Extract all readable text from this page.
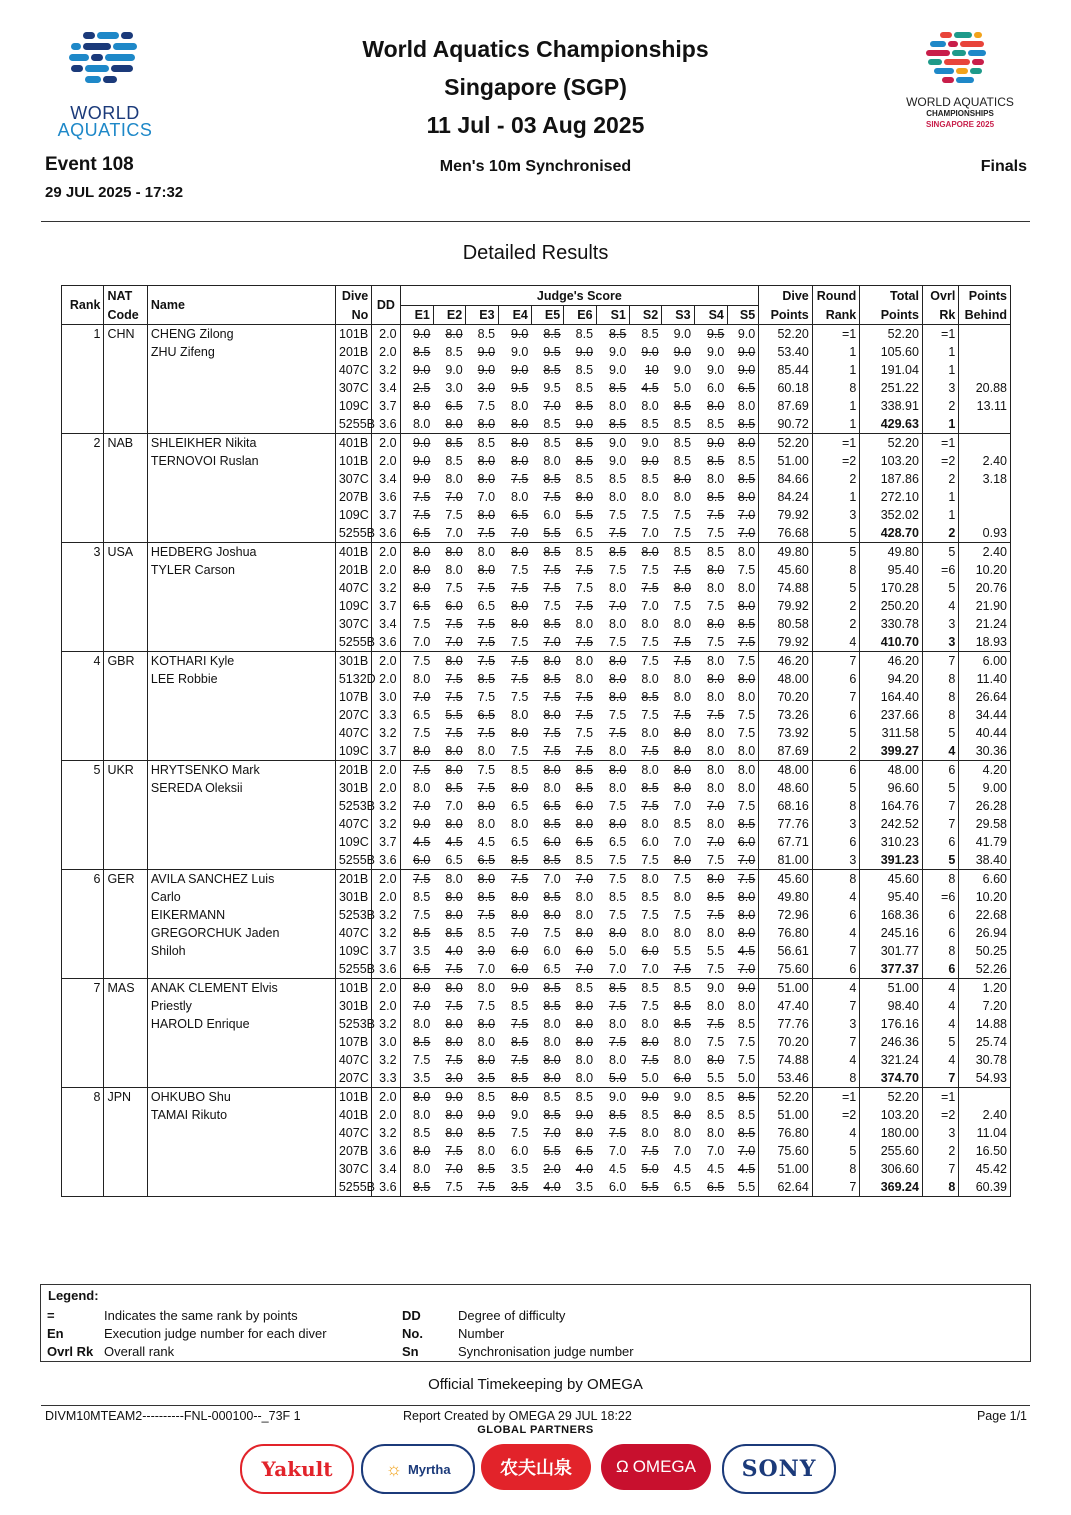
WORLD
AQUATICS
World Aquatics Championships
Singapore (SGP)
11 Jul - 03 Aug 2025
WORLD AQUATICS
CHAMPIONSHIPS
SINGAPORE 2025
Event 108
29 JUL 2025 - 17:32
Men's 10m Synchronised	Finals
Detailed Results
Rank	NAT	Name	Dive	DD	Judge's Score											Dive	Round	Total	Ovrl	Points
	Code		No		E1	E2	E3	E4	E5	E6	S1	S2	S3	S4	S5	Points	Rank	Points	Rk	Behind
1	CHN	CHENG Zilong	101B	2.0	9.0	8.0	8.5	9.0	8.5	8.5	8.5	8.5	9.0	9.5	9.0	52.20	=1	52.20	=1	
		ZHU Zifeng	201B	2.0	8.5	8.5	9.0	9.0	9.5	9.0	9.0	9.0	9.0	9.0	9.0	53.40	1	105.60	1	
			407C	3.2	9.0	9.0	9.0	9.0	8.5	8.5	9.0	10	9.0	9.0	9.0	85.44	1	191.04	1	
			307C	3.4	2.5	3.0	3.0	9.5	9.5	8.5	8.5	4.5	5.0	6.0	6.5	60.18	8	251.22	3	20.88
			109C	3.7	8.0	6.5	7.5	8.0	7.0	8.5	8.0	8.0	8.5	8.0	8.0	87.69	1	338.91	2	13.11
			5255B	3.6	8.0	8.0	8.0	8.0	8.5	9.0	8.5	8.5	8.5	8.5	8.5	90.72	1	429.63	1	
2	NAB	SHLEIKHER Nikita	401B	2.0	9.0	8.5	8.5	8.0	8.5	8.5	9.0	9.0	8.5	9.0	8.0	52.20	=1	52.20	=1	
		TERNOVOI Ruslan	101B	2.0	9.0	8.5	8.0	8.0	8.0	8.5	9.0	9.0	8.5	8.5	8.5	51.00	=2	103.20	=2	2.40
			307C	3.4	9.0	8.0	8.0	7.5	8.5	8.5	8.5	8.5	8.0	8.0	8.5	84.66	2	187.86	2	3.18
			207B	3.6	7.5	7.0	7.0	8.0	7.5	8.0	8.0	8.0	8.0	8.5	8.0	84.24	1	272.10	1	
			109C	3.7	7.5	7.5	8.0	6.5	6.0	5.5	7.5	7.5	7.5	7.5	7.0	79.92	3	352.02	1	
			5255B	3.6	6.5	7.0	7.5	7.0	5.5	6.5	7.5	7.0	7.5	7.5	7.0	76.68	5	428.70	2	0.93
3	USA	HEDBERG Joshua	401B	2.0	8.0	8.0	8.0	8.0	8.5	8.5	8.5	8.0	8.5	8.5	8.0	49.80	5	49.80	5	2.40
		TYLER Carson	201B	2.0	8.0	8.0	8.0	7.5	7.5	7.5	7.5	7.5	7.5	8.0	7.5	45.60	8	95.40	=6	10.20
			407C	3.2	8.0	7.5	7.5	7.5	7.5	7.5	8.0	7.5	8.0	8.0	8.0	74.88	5	170.28	5	20.76
			109C	3.7	6.5	6.0	6.5	8.0	7.5	7.5	7.0	7.0	7.5	7.5	8.0	79.92	2	250.20	4	21.90
			307C	3.4	7.5	7.5	7.5	8.0	8.5	8.0	8.0	8.0	8.0	8.0	8.5	80.58	2	330.78	3	21.24
			5255B	3.6	7.0	7.0	7.5	7.5	7.0	7.5	7.5	7.5	7.5	7.5	7.5	79.92	4	410.70	3	18.93
4	GBR	KOTHARI Kyle	301B	2.0	7.5	8.0	7.5	7.5	8.0	8.0	8.0	7.5	7.5	8.0	7.5	46.20	7	46.20	7	6.00
		LEE Robbie	5132D	2.0	8.0	7.5	8.5	7.5	8.5	8.0	8.0	8.0	8.0	8.0	8.0	48.00	6	94.20	8	11.40
			107B	3.0	7.0	7.5	7.5	7.5	7.5	7.5	8.0	8.5	8.0	8.0	8.0	70.20	7	164.40	8	26.64
			207C	3.3	6.5	5.5	6.5	8.0	8.0	7.5	7.5	7.5	7.5	7.5	7.5	73.26	6	237.66	8	34.44
			407C	3.2	7.5	7.5	7.5	8.0	7.5	7.5	7.5	8.0	8.0	8.0	7.5	73.92	5	311.58	5	40.44
			109C	3.7	8.0	8.0	8.0	7.5	7.5	7.5	8.0	7.5	8.0	8.0	8.0	87.69	2	399.27	4	30.36
5	UKR	HRYTSENKO Mark	201B	2.0	7.5	8.0	7.5	8.5	8.0	8.5	8.0	8.0	8.0	8.0	8.0	48.00	6	48.00	6	4.20
		SEREDA Oleksii	301B	2.0	8.0	8.5	7.5	8.0	8.0	8.5	8.0	8.5	8.0	8.0	8.0	48.60	5	96.60	5	9.00
			5253B	3.2	7.0	7.0	8.0	6.5	6.5	6.0	7.5	7.5	7.0	7.0	7.5	68.16	8	164.76	7	26.28
			407C	3.2	9.0	8.0	8.0	8.0	8.5	8.0	8.0	8.0	8.5	8.0	8.5	77.76	3	242.52	7	29.58
			109C	3.7	4.5	4.5	4.5	6.5	6.0	6.5	6.5	6.0	7.0	7.0	6.0	67.71	6	310.23	6	41.79
			5255B	3.6	6.0	6.5	6.5	8.5	8.5	8.5	7.5	7.5	8.0	7.5	7.0	81.00	3	391.23	5	38.40
6	GER	AVILA SANCHEZ Luis	201B	2.0	7.5	8.0	8.0	7.5	7.0	7.0	7.5	8.0	7.5	8.0	7.5	45.60	8	45.60	8	6.60
		Carlo	301B	2.0	8.5	8.0	8.5	8.0	8.5	8.0	8.5	8.5	8.0	8.5	8.0	49.80	4	95.40	=6	10.20
		EIKERMANN	5253B	3.2	7.5	8.0	7.5	8.0	8.0	8.0	7.5	7.5	7.5	7.5	8.0	72.96	6	168.36	6	22.68
		GREGORCHUK Jaden	407C	3.2	8.5	8.5	8.5	7.0	7.5	8.0	8.0	8.0	8.0	8.0	8.0	76.80	4	245.16	6	26.94
		Shiloh	109C	3.7	3.5	4.0	3.0	6.0	6.0	6.0	5.0	6.0	5.5	5.5	4.5	56.61	7	301.77	8	50.25
			5255B	3.6	6.5	7.5	7.0	6.0	6.5	7.0	7.0	7.0	7.5	7.5	7.0	75.60	6	377.37	6	52.26
7	MAS	ANAK CLEMENT Elvis	101B	2.0	8.0	8.0	8.0	9.0	8.5	8.5	8.5	8.5	8.5	9.0	9.0	51.00	4	51.00	4	1.20
		Priestly	301B	2.0	7.0	7.5	7.5	8.5	8.5	8.0	7.5	7.5	8.5	8.0	8.0	47.40	7	98.40	4	7.20
		HAROLD Enrique	5253B	3.2	8.0	8.0	8.0	7.5	8.0	8.0	8.0	8.0	8.5	7.5	8.5	77.76	3	176.16	4	14.88
			107B	3.0	8.5	8.0	8.0	8.5	8.0	8.0	7.5	8.0	8.0	7.5	7.5	70.20	7	246.36	5	25.74
			407C	3.2	7.5	7.5	8.0	7.5	8.0	8.0	8.0	7.5	8.0	8.0	7.5	74.88	4	321.24	4	30.78
			207C	3.3	3.5	3.0	3.5	8.5	8.0	8.0	5.0	5.0	6.0	5.5	5.0	53.46	8	374.70	7	54.93
8	JPN	OHKUBO Shu	101B	2.0	8.0	9.0	8.5	8.0	8.5	8.5	9.0	9.0	9.0	8.5	8.5	52.20	=1	52.20	=1	
		TAMAI Rikuto	401B	2.0	8.0	8.0	9.0	9.0	8.5	9.0	8.5	8.5	8.0	8.5	8.5	51.00	=2	103.20	=2	2.40
			407C	3.2	8.5	8.0	8.5	7.5	7.0	8.0	7.5	8.0	8.0	8.0	8.5	76.80	4	180.00	3	11.04
			207B	3.6	8.0	7.5	8.0	6.0	5.5	6.5	7.0	7.5	7.0	7.0	7.0	75.60	5	255.60	2	16.50
			307C	3.4	8.0	7.0	8.5	3.5	2.0	4.0	4.5	5.0	4.5	4.5	4.5	51.00	8	306.60	7	45.42
			5255B	3.6	8.5	7.5	7.5	3.5	4.0	3.5	6.0	5.5	6.5	6.5	5.5	62.64	7	369.24	8	60.39
Legend:
=	Indicates the same rank by points
En	Execution judge number for each diver
Ovrl Rk Overall rank
DD	Degree of difficulty
No.	Number
Sn	Synchronisation judge number
Official Timekeeping by OMEGA
DIVM10MTEAM2----------FNL-000100--_73F 1	Report Created by OMEGA 29 JUL 18:22	Page 1/1
GLOBAL PARTNERS
Yakult	☼ Myrtha	农夫山泉	Ω OMEGA SONY
